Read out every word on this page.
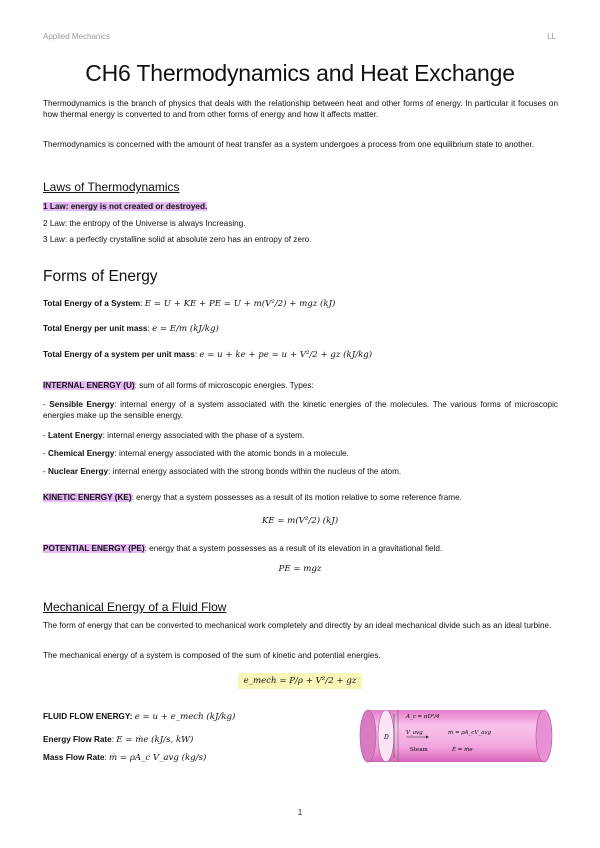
Applied Mechanics	LL
CH6 Thermodynamics and Heat Exchange

Thermodynamics is the branch of physics that deals with the relationship between heat and other forms of energy. In particular it focuses on how thermal energy is converted to and from other forms of energy and how it affects matter.

Thermodynamics is concerned with the amount of heat transfer as a system undergoes a process from one equilibrium state to another.

Laws of Thermodynamics
1 Law: energy is not created or destroyed.
2 Law: the entropy of the Universe is always Increasing.
3 Law: a perfectly crystalline solid at absolute zero has an entropy of zero.
Forms of Energy
Total Energy of a System: E = U + KE + PE = U + m(V²/2) + mgz (kJ)
Total Energy per unit mass: e = E/m (kJ/kg)
Total Energy of a system per unit mass: e = u + ke + pe = u + V²/2 + gz (kJ/kg)
INTERNAL ENERGY (U): sum of all forms of microscopic energies. Types:

- Sensible Energy: internal energy of a system associated with the kinetic energies of the molecules. The various forms of microscopic energies make up the sensible energy.

- Latent Energy: internal energy associated with the phase of a system.
- Chemical Energy: internal energy associated with the atomic bonds in a molecule.
- Nuclear Energy: internal energy associated with the strong bonds within the nucleus of the atom.
KINETIC ENERGY (KE): energy that a system possesses as a result of its motion relative to some reference frame.
KE = m(V²/2) (kJ)
POTENTIAL ENERGY (PE): energy that a system possesses as a result of its elevation in a gravitational field.
PE = mgz
Mechanical Energy of a Fluid Flow

The form of energy that can be converted to mechanical work completely and directly by an ideal mechanical divide such as an ideal turbine.

The mechanical energy of a system is composed of the sum of kinetic and potential energies.

e_mech = P/ρ + V²/2 + gz
FLUID FLOW ENERGY: e = u + e_mech (kJ/kg)
Energy Flow Rate: E = ṁe (kJ/s, kW)
Mass Flow Rate: ṁ = ρA_c V_avg (kg/s)
D
A_c = πD²/4
V_avg	ṁ = ρA_cV_avg
Steam	Ė = ṁe
1
